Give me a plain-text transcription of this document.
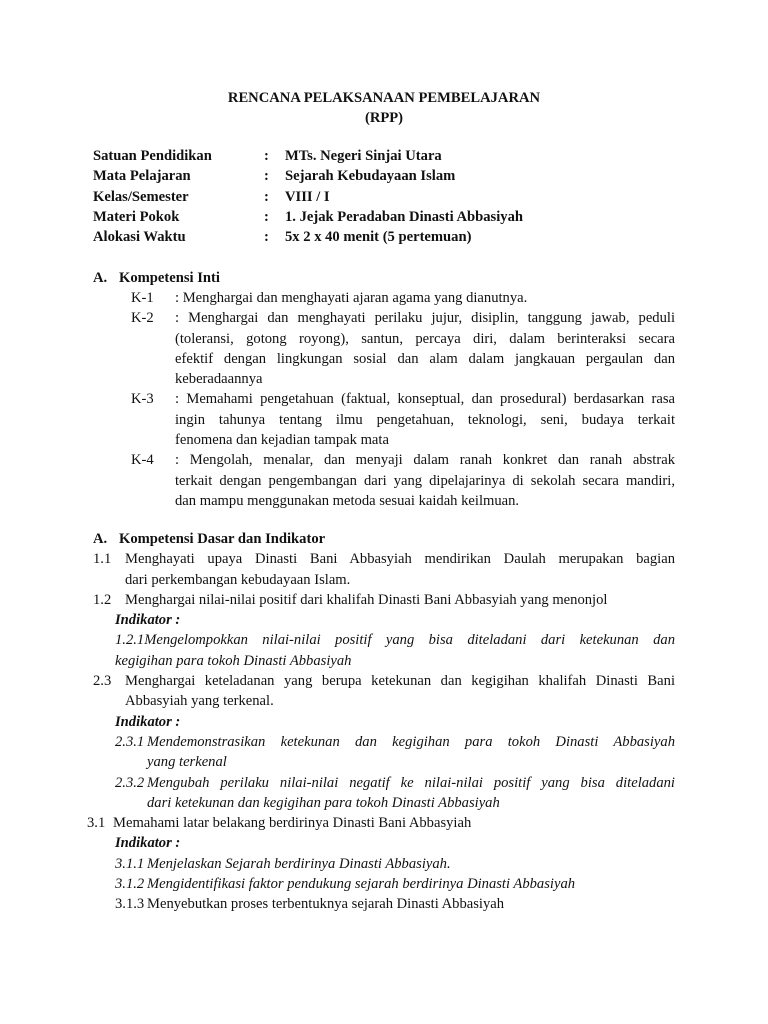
RENCANA PELAKSANAAN PEMBELAJARAN
(RPP)
Satuan Pendidikan	:	MTs. Negeri Sinjai Utara
Mata Pelajaran	:	Sejarah Kebudayaan Islam
Kelas/Semester	:	VIII / I
Materi Pokok	:	1. Jejak Peradaban Dinasti Abbasiyah
Alokasi Waktu	:	5x 2 x 40 menit (5 pertemuan)
A. Kompetensi Inti
K-1	: Menghargai dan menghayati ajaran agama yang dianutnya.
K-2	: Menghargai dan menghayati perilaku jujur, disiplin, tanggung jawab, peduli
(toleransi, gotong royong), santun, percaya diri, dalam berinteraksi secara
efektif dengan lingkungan sosial dan alam dalam jangkauan pergaulan dan
keberadaannya
K-3	: Memahami pengetahuan (faktual, konseptual, dan prosedural) berdasarkan rasa
ingin tahunya tentang ilmu pengetahuan, teknologi, seni, budaya terkait
fenomena dan kejadian tampak mata
K-4	: Mengolah, menalar, dan menyaji dalam ranah konkret dan ranah abstrak
terkait dengan pengembangan dari yang dipelajarinya di sekolah secara mandiri,
dan mampu menggunakan metoda sesuai kaidah keilmuan.
A. Kompetensi Dasar dan Indikator
1.1 Menghayati upaya Dinasti Bani Abbasyiah mendirikan Daulah merupakan bagian
dari perkembangan kebudayaan Islam.
1.2 Menghargai nilai-nilai positif dari khalifah Dinasti Bani Abbasyiah yang menonjol
Indikator :
1.2.1Mengelompokkan nilai-nilai positif yang bisa diteladani dari ketekunan dan
kegigihan para tokoh Dinasti Abbasiyah
2.3 Menghargai keteladanan yang berupa ketekunan dan kegigihan khalifah Dinasti Bani
Abbasyiah yang terkenal.
Indikator :
2.3.1 Mendemonstrasikan ketekunan dan kegigihan para tokoh Dinasti Abbasiyah
yang terkenal
2.3.2 Mengubah perilaku nilai-nilai negatif ke nilai-nilai positif yang bisa diteladani
dari ketekunan dan kegigihan para tokoh Dinasti Abbasiyah
3.1 Memahami latar belakang berdirinya Dinasti Bani Abbasyiah
Indikator :
3.1.1 Menjelaskan Sejarah berdirinya Dinasti Abbasiyah.
3.1.2 Mengidentifikasi faktor pendukung sejarah berdirinya Dinasti Abbasiyah
3.1.3 Menyebutkan proses terbentuknya sejarah Dinasti Abbasiyah
